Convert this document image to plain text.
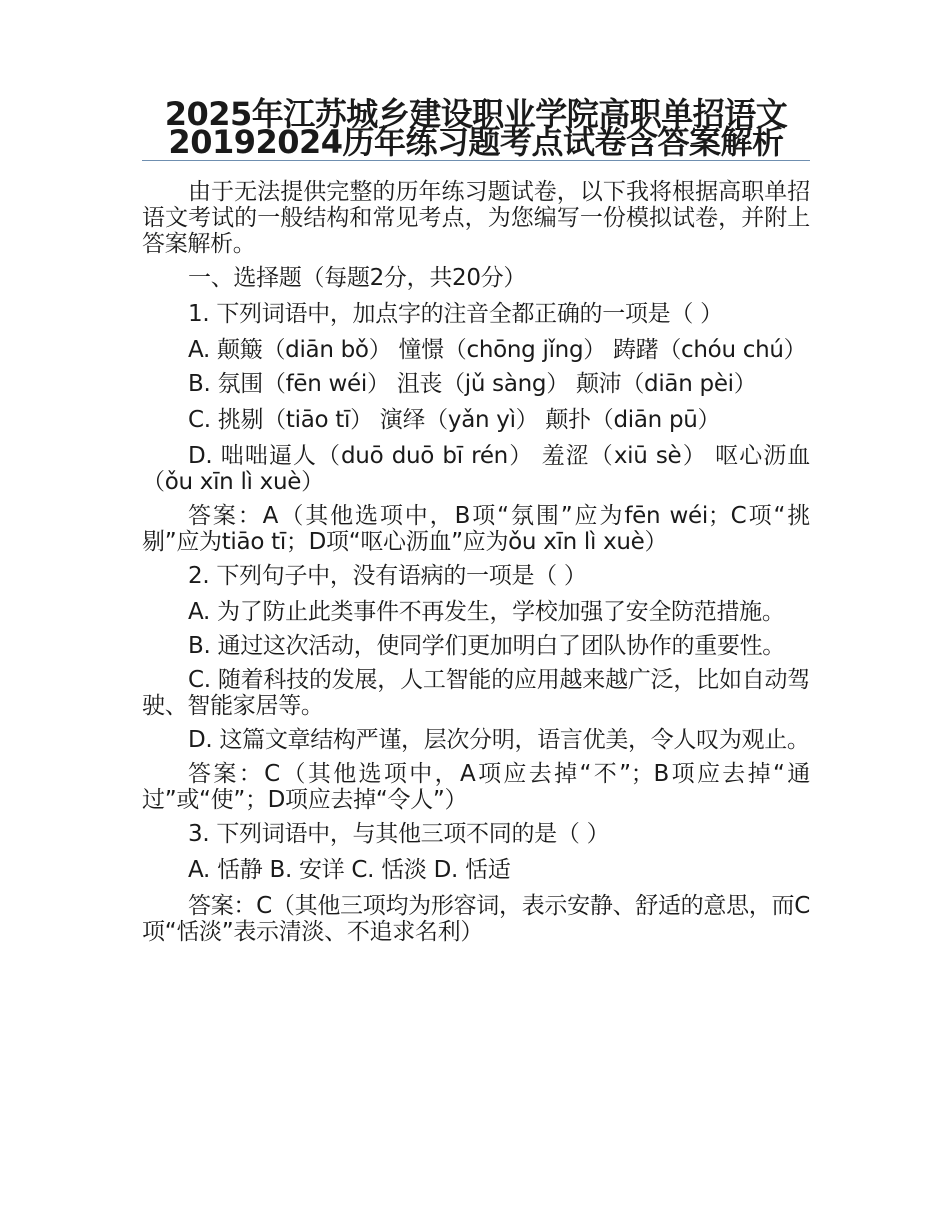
2025年江苏城乡建设职业学院高职单招语文20192024历年练习题考点试卷含答案解析

由于无法提供完整的历年练习题试卷，以下我将根据高职单招语文考试的一般结构和常见考点，为您编写一份模拟试卷，并附上答案解析。

一、选择题（每题2分，共20分）

1. 下列词语中，加点字的注音全都正确的一项是（ ）

A. 颠簸（diān bǒ） 憧憬（chōng jǐng） 踌躇（chóu chú）

B. 氛围（fēn wéi） 沮丧（jǔ sàng） 颠沛（diān pèi）

C. 挑剔（tiāo tī） 演绎（yǎn yì） 颠扑（diān pū）

D. 咄咄逼人（duō duō bī rén） 羞涩（xiū sè） 呕心沥血（ǒu xīn lì xuè）

答案：A（其他选项中，B项“氛围”应为fēn wéi；C项“挑剔”应为tiāo tī；D项“呕心沥血”应为ǒu xīn lì xuè）

2. 下列句子中，没有语病的一项是（ ）

A. 为了防止此类事件不再发生，学校加强了安全防范措施。

B. 通过这次活动，使同学们更加明白了团队协作的重要性。

C. 随着科技的发展，人工智能的应用越来越广泛，比如自动驾驶、智能家居等。

D. 这篇文章结构严谨，层次分明，语言优美，令人叹为观止。

答案：C（其他选项中，A项应去掉“不”；B项应去掉“通过”或“使”；D项应去掉“令人”）

3. 下列词语中，与其他三项不同的是（ ）

A. 恬静 B. 安详 C. 恬淡 D. 恬适

答案：C（其他三项均为形容词，表示安静、舒适的意思，而C项“恬淡”表示清淡、不追求名利）
